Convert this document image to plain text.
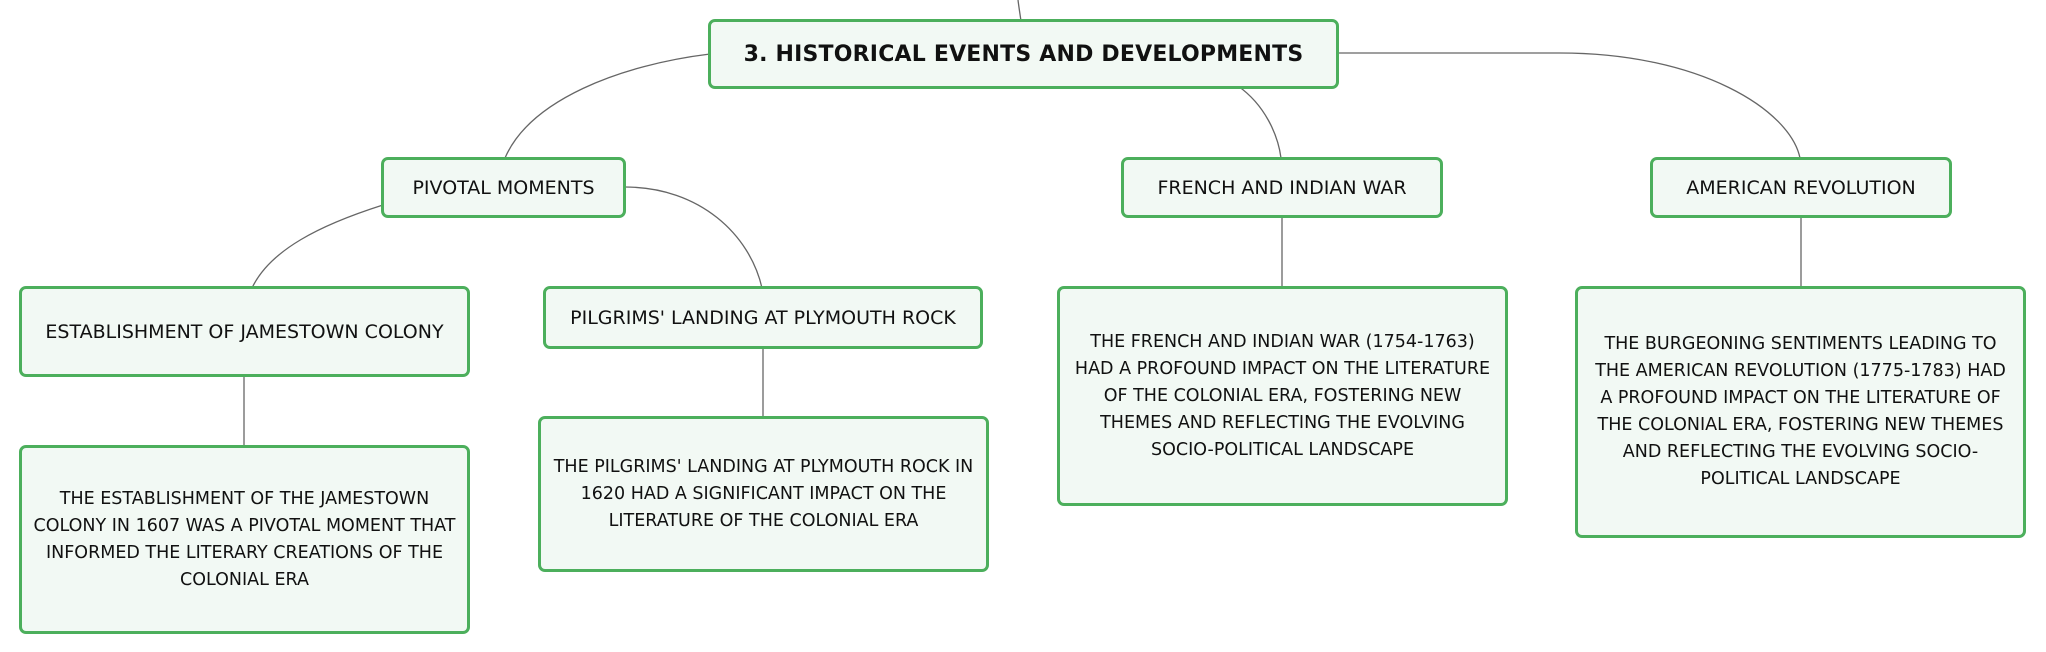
3. HISTORICAL EVENTS AND DEVELOPMENTS
PIVOTAL MOMENTS	FRENCH AND INDIAN WAR	AMERICAN REVOLUTION
ESTABLISHMENT OF JAMESTOWN COLONY
PILGRIMS' LANDING AT PLYMOUTH ROCK
THE ESTABLISHMENT OF THE JAMESTOWN COLONY IN 1607 WAS A PIVOTAL MOMENT THAT INFORMED THE LITERARY CREATIONS OF THE COLONIAL ERA
THE PILGRIMS' LANDING AT PLYMOUTH ROCK IN 1620 HAD A SIGNIFICANT IMPACT ON THE LITERATURE OF THE COLONIAL ERA
THE FRENCH AND INDIAN WAR (1754-1763) HAD A PROFOUND IMPACT ON THE LITERATURE OF THE COLONIAL ERA, FOSTERING NEW THEMES AND REFLECTING THE EVOLVING SOCIO-POLITICAL LANDSCAPE
THE BURGEONING SENTIMENTS LEADING TO THE AMERICAN REVOLUTION (1775-1783) HAD A PROFOUND IMPACT ON THE LITERATURE OF THE COLONIAL ERA, FOSTERING NEW THEMES AND REFLECTING THE EVOLVING SOCIO-POLITICAL LANDSCAPE
